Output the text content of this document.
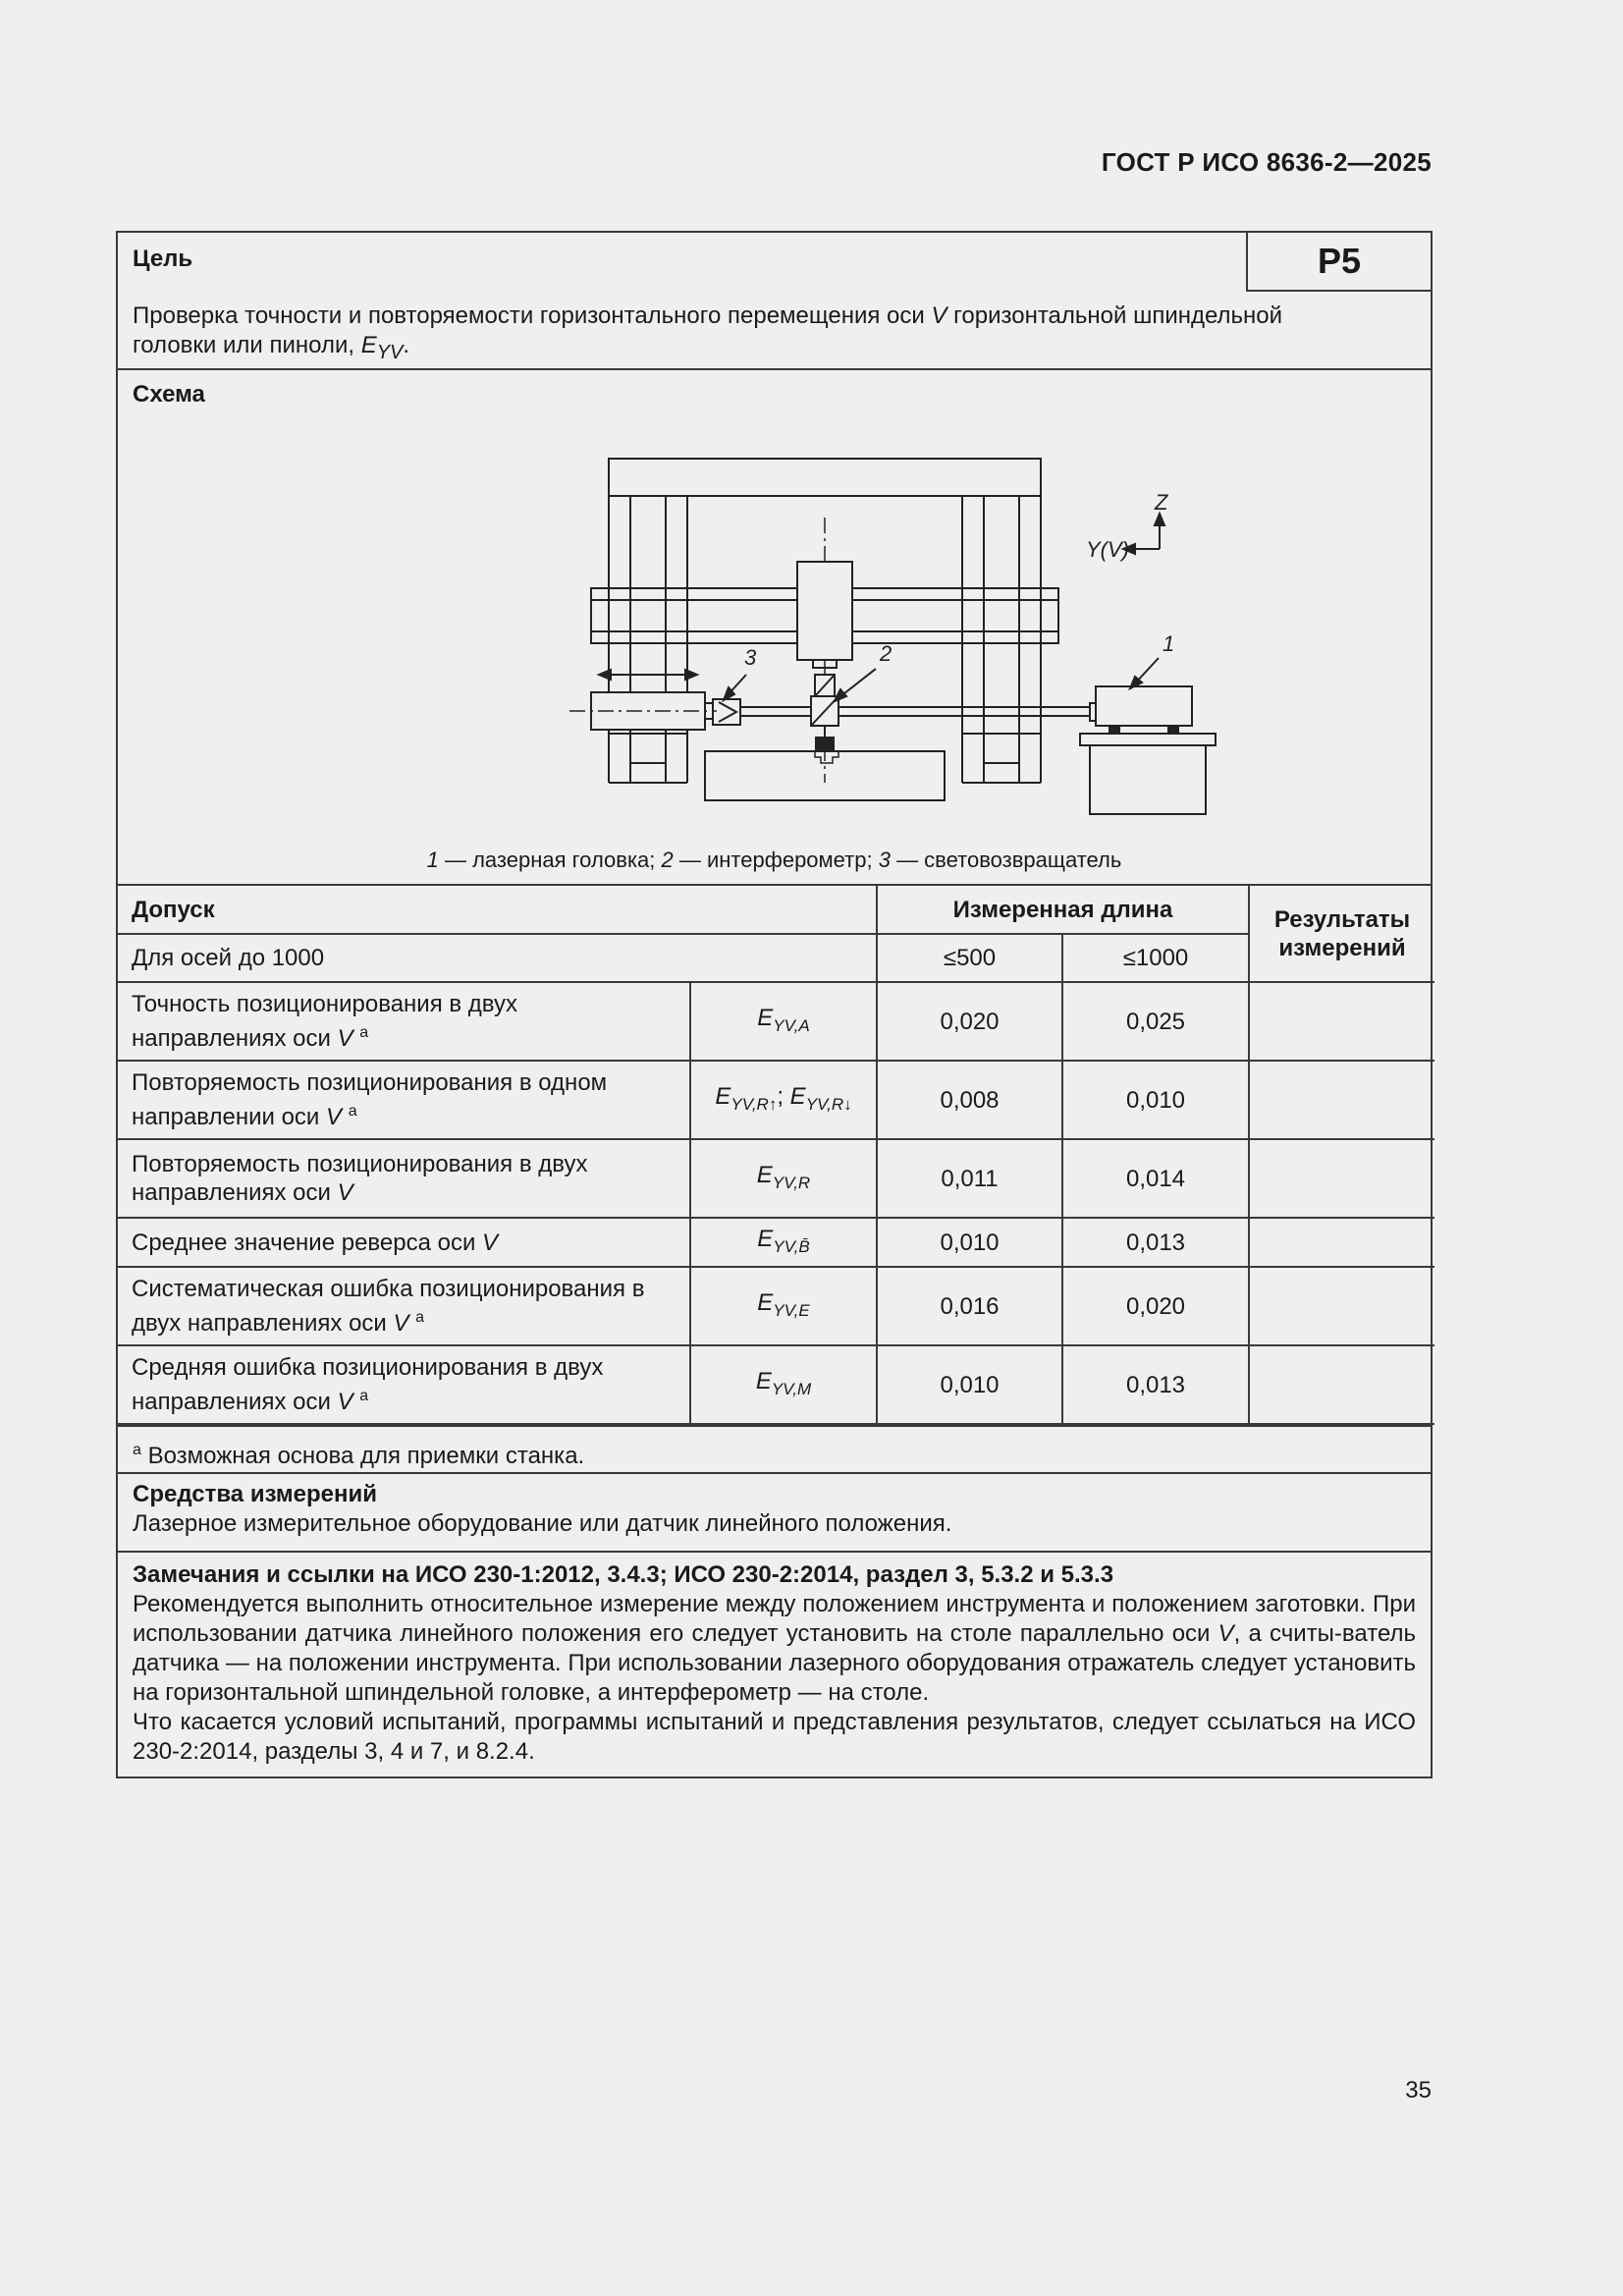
ГОСТ Р ИСО 8636-2—2025
Цель	P5
Проверка точности и повторяемости горизонтального перемещения оси V горизонтальной шпиндельной головки или пиноли, $E_{YV}$.
Схема
Z
Y(V)
3	2	1
1 — лазерная головка; 2 — интерферометр; 3 — световозвращатель
Допуск		Измеренная длина		Результаты измерений
Для осей до 1000		≤500	≤1000	
Точность позиционирования в двух направлениях оси V $^a$	$E_{YV,A}$	0,020	0,025	
Повторяемость позиционирования в одном направлении оси V $^a$	$E_{YV,R↑}$; $E_{YV,R↓}$	0,008	0,010	
Повторяемость позиционирования в двух направлениях оси V	$E_{YV,R}$	0,011	0,014	
Среднее значение реверса оси V	$E_{YV,B̄}$	0,010	0,013	
Систематическая ошибка позиционирования в двух направлениях оси V $^a$	$E_{YV,E}$	0,016	0,020	
Средняя ошибка позиционирования в двух направлениях оси V $^a$	$E_{YV,M}$	0,010	0,013	
$^a$ Возможная основа для приемки станка.
Средства измерений
Лазерное измерительное оборудование или датчик линейного положения.
Замечания и ссылки на ИСО 230-1:2012, 3.4.3; ИСО 230-2:2014, раздел 3, 5.3.2 и 5.3.3
Рекомендуется выполнить относительное измерение между положением инструмента и положением заготовки. При использовании датчика линейного положения его следует установить на столе параллельно оси V, а считы-ватель датчика — на положении инструмента. При использовании лазерного оборудования отражатель следует установить на горизонтальной шпиндельной головке, а интерферометр — на столе.
Что касается условий испытаний, программы испытаний и представления результатов, следует ссылаться на ИСО 230-2:2014, разделы 3, 4 и 7, и 8.2.4.
35
